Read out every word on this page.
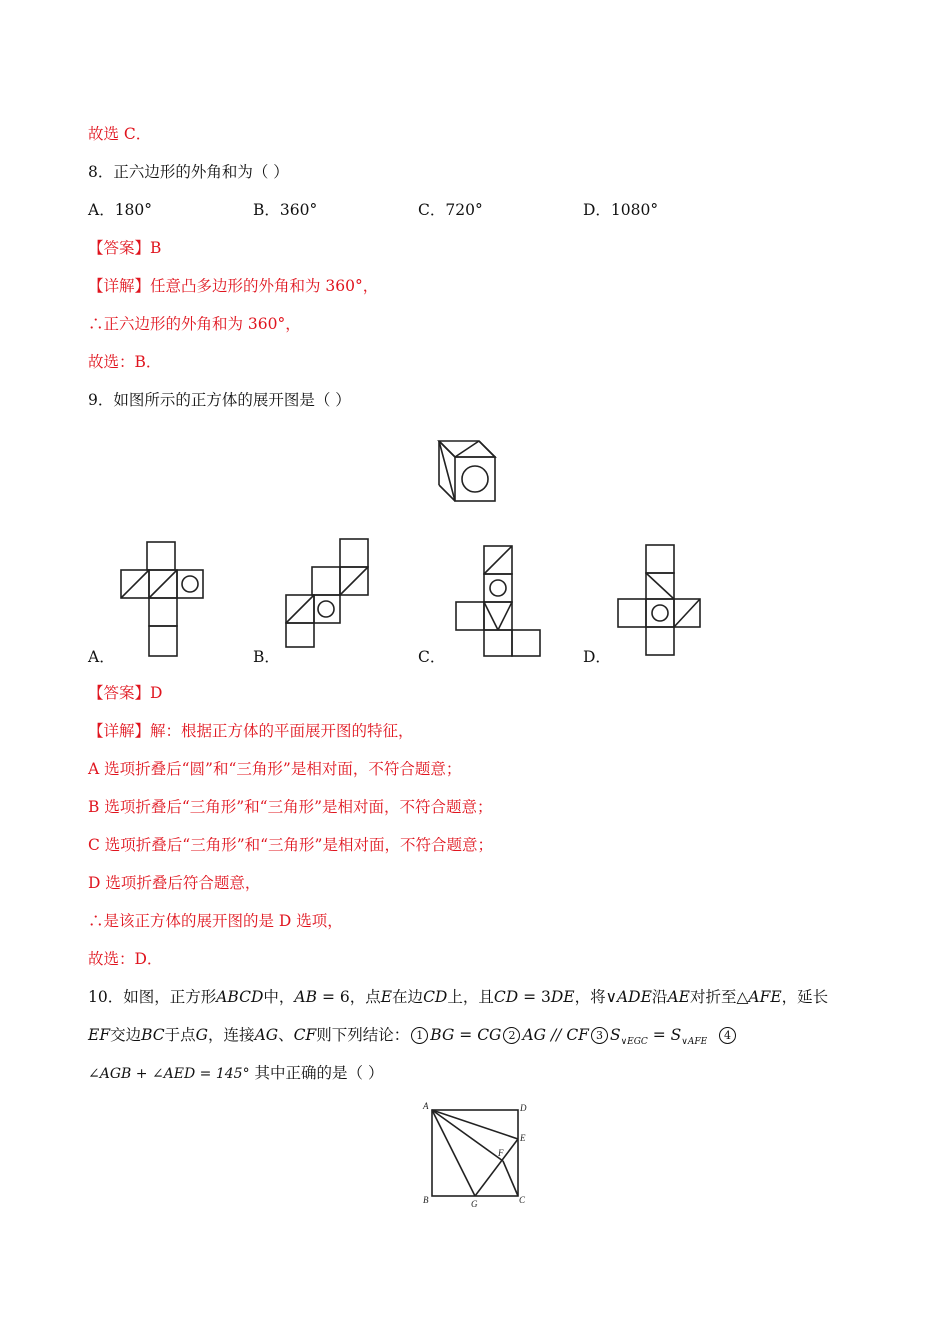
故选 C．
8．正六边形的外角和为（ ）
A．180°	B．360°	C．720°	D．1080°
【答案】B
【详解】任意凸多边形的外角和为 360°，
∴正六边形的外角和为 360°，
故选：B．
9．如图所示的正方体的展开图是（ ）
A．	B．	C．	D．
【答案】D
【详解】解：根据正方体的平面展开图的特征，
A 选项折叠后“圆”和“三角形”是相对面，不符合题意；
B 选项折叠后“三角形”和“三角形”是相对面，不符合题意；
C 选项折叠后“三角形”和“三角形”是相对面，不符合题意；
D 选项折叠后符合题意，
∴是该正方体的展开图的是 D 选项，
故选：D．
10．如图，正方形ABCD中，AB = 6，点E在边CD上，且CD = 3DE，将∨ADE沿AE对折至△AFE，延长
EF交边BC于点G，连接AG、CF则下列结论： 1 BG = CG 2 AG // CF 3 $S_{\vee EGC} = S_{\vee AFE}$  4
∠AGB + ∠AED = 145° 其中正确的是（ ）
A	D
E
F
B	G	C
